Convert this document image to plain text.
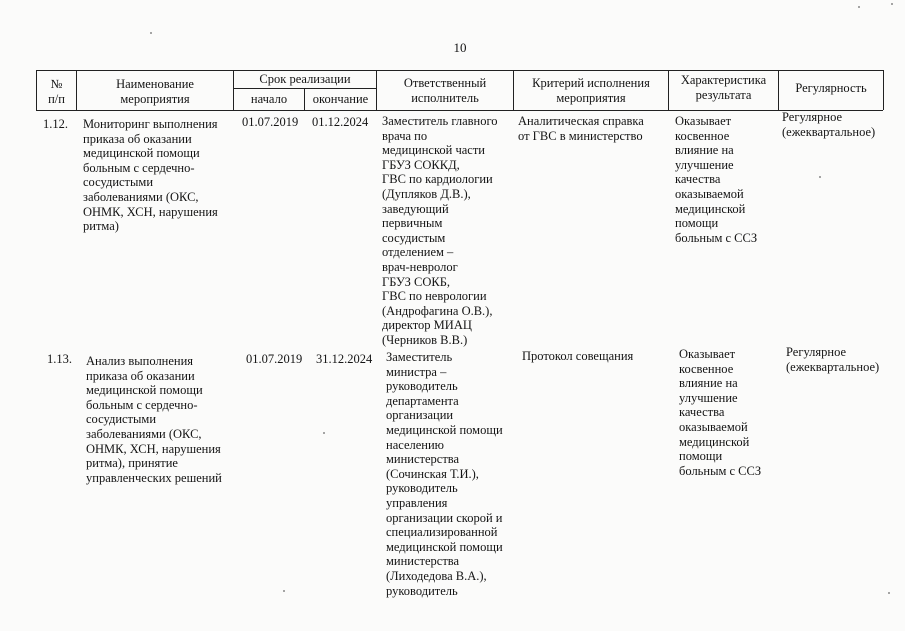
10
№
п/п
Наименование
мероприятия
Срок реализации
начало	окончание
Ответственный
исполнитель
Критерий исполнения
мероприятия
Характеристика
результата
Регулярность
1.12. Мониторинг выполнения
приказа об оказании
медицинской помощи
больным с сердечно-
сосудистыми
заболеваниями (ОКС,
ОНМК, ХСН, нарушения
ритма)
01.07.2019 01.12.2024 Заместитель главного
врача по
медицинской части
ГБУЗ СОККД,
ГВС по кардиологии
(Дупляков Д.В.),
заведующий
первичным
сосудистым
отделением –
врач-невролог
ГБУЗ СОКБ,
ГВС по неврологии
(Андрофагина О.В.),
директор МИАЦ
(Черников В.В.)
Аналитическая справка
от ГВС в министерство
Оказывает
косвенное
влияние на
улучшение
качества
оказываемой
медицинской
помощи
больным с ССЗ
Регулярное
(ежеквартальное)
1.13. Анализ выполнения
приказа об оказании
медицинской помощи
больным с сердечно-
сосудистыми
заболеваниями (ОКС,
ОНМК, ХСН, нарушения
ритма), принятие
управленческих решений
01.07.2019 31.12.2024 Заместитель
министра –
руководитель
департамента
организации
медицинской помощи
населению
министерства
(Сочинская Т.И.),
руководитель
управления
организации скорой и
специализированной
медицинской помощи
министерства
(Лиходедова В.А.),
руководитель
Протокол совещания	Оказывает
косвенное
влияние на
улучшение
качества
оказываемой
медицинской
помощи
больным с ССЗ
Регулярное
(ежеквартальное)
